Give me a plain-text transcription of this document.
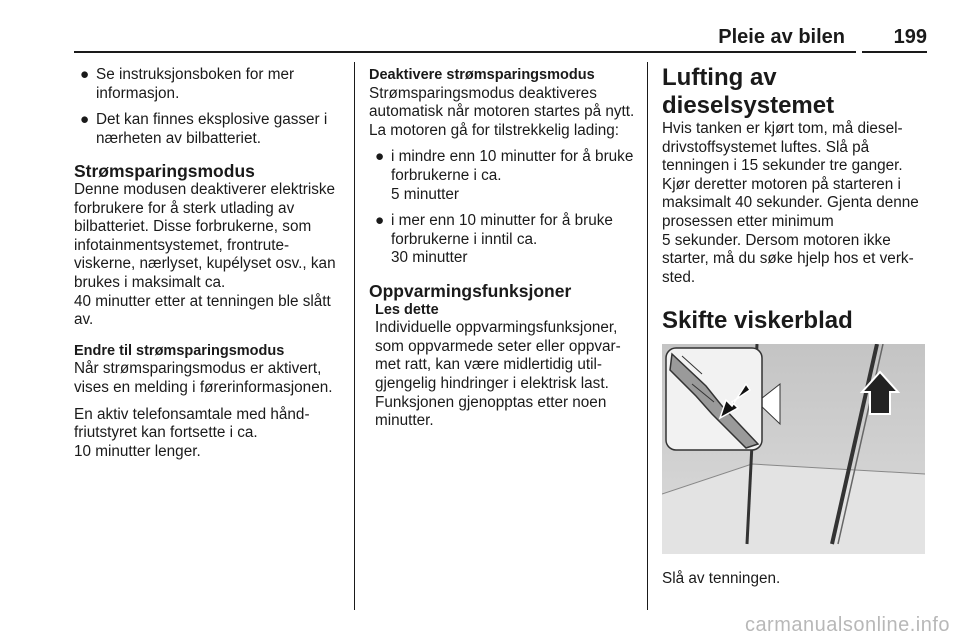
Pleie av bilen	199
● Se instruksjonsboken for mer informasjon.
● Det kan finnes eksplosive gasser i nærheten av bilbatteriet.

Strømsparingsmodus

Denne modusen deaktiverer elektriske forbrukere for å sterk utlading av bilbatteriet. Disse forbrukerne, som infotainmentsystemet, frontruteviskerne, nærlyset, kupélyset osv., kan brukes i maksimalt ca.

40 minutter etter at tenningen ble slått av.

Endre til strømsparingsmodus

Når strømsparingsmodus er aktivert, vises en melding i førerinformasjonen.

En aktiv telefonsamtale med håndfriutstyret kan fortsette i ca.

10 minutter lenger.

Deaktivere strømsparingsmodus

Strømsparingsmodus deaktiveres automatisk når motoren startes på nytt. La motoren gå for tilstrekkelig lading:

● i mindre enn 10 minutter for å bruke forbrukerne i ca.
5 minutter
● i mer enn 10 minutter for å bruke forbrukerne i inntil ca.
30 minutter

Oppvarmingsfunksjoner

Les dette

Individuelle oppvarmingsfunksjoner, som oppvarmede seter eller oppvarmet ratt, kan være midlertidig utilgjengelig hindringer i elektrisk last. Funksjonen gjenopptas etter noen minutter.

Lufting av dieselsystemet

Hvis tanken er kjørt tom, må dieseldrivstoffsystemet luftes. Slå på tenningen i 15 sekunder tre ganger. Kjør deretter motoren på starteren i maksimalt 40 sekunder. Gjenta denne prosessen etter minimum

5 sekunder. Dersom motoren ikke starter, må du søke hjelp hos et verksted.

Skifte viskerblad

Slå av tenningen.

carmanualsonline.info
